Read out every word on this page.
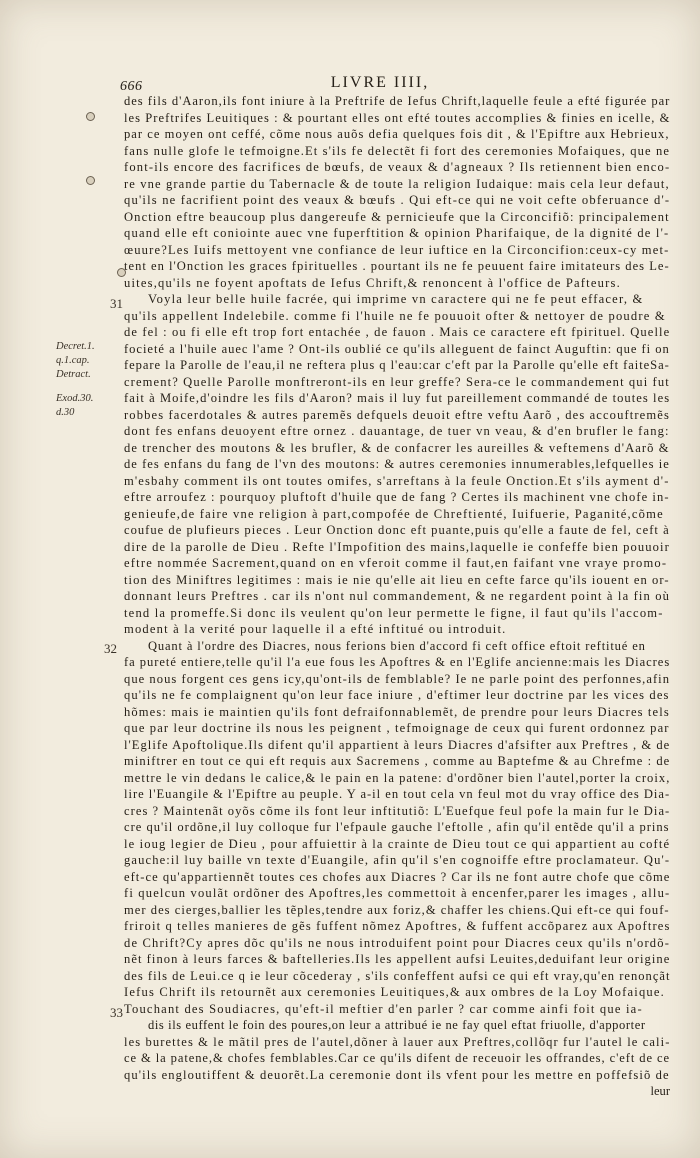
666	LIVRE IIII,
31
32
33
Decret.1. q.1.cap. Detract.
Exod.30. d.30
des fils d'Aaron,ils font iniure à la Preftrife de Iefus Chrift,laquelle feule a efté figurée par
les Preftrifes Leuitiques : & pourtant elles ont efté toutes accomplies & finies en icelle, &
par ce moyen ont ceffé, cõme nous auõs defia quelques fois dit , & l'Epiftre aux Hebrieux,
fans nulle glofe le tefmoigne.Et s'ils fe delectẽt fi fort des ceremonies Mofaiques, que ne
font-ils encore des facrifices de bœufs, de veaux & d'agneaux ? Ils retiennent bien enco-
re vne grande partie du Tabernacle & de toute la religion Iudaique: mais cela leur defaut,
qu'ils ne facrifient point des veaux & bœufs . Qui eft-ce qui ne voit cefte obferuance d'-
Onction eftre beaucoup plus dangereufe & pernicieufe que la Circoncifiõ: principalement
quand elle eft coniointe auec vne fuperftition & opinion Pharifaique, de la dignité de l'-
œuure?Les Iuifs mettoyent vne confiance de leur iuftice en la Circoncifion:ceux-cy met-
tent en l'Onction les graces fpirituelles . pourtant ils ne fe peuuent faire imitateurs des Le-
uites,qu'ils ne foyent apoftats de Iefus Chrift,& renoncent à l'office de Pafteurs.
Voyla leur belle huile facrée, qui imprime vn caractere qui ne fe peut effacer, &
qu'ils appellent Indelebile. comme fi l'huile ne fe pouuoit ofter & nettoyer de poudre &
de fel : ou fi elle eft trop fort entachée , de fauon . Mais ce caractere eft fpirituel. Quelle
focieté a l'huile auec l'ame ? Ont-ils oublié ce qu'ils alleguent de fainct Auguftin: que fi on
fepare la Parolle de l'eau,il ne reftera plus q l'eau:car c'eft par la Parolle qu'elle eft faiteSa-
crement? Quelle Parolle monftreront-ils en leur greffe? Sera-ce le commandement qui fut
fait à Moife,d'oindre les fils d'Aaron? mais il luy fut pareillement commandé de toutes les
robbes facerdotales & autres paremẽs defquels deuoit eftre veftu Aarõ , des accouftremẽs
dont fes enfans deuoyent eftre ornez . dauantage, de tuer vn veau, & d'en brufler le fang:
de trencher des moutons & les brufler, & de confacrer les aureilles & veftemens d'Aarõ &
de fes enfans du fang de l'vn des moutons: & autres ceremonies innumerables,lefquelles ie
m'esbahy comment ils ont toutes omifes, s'arreftans à la feule Onction.Et s'ils ayment d'-
eftre arroufez : pourquoy pluftoft d'huile que de fang ? Certes ils machinent vne chofe in-
genieufe,de faire vne religion à part,compofée de Chreftienté, Iuifuerie, Paganité,cõme
coufue de plufieurs pieces . Leur Onction donc eft puante,puis qu'elle a faute de fel, ceft à
dire de la parolle de Dieu . Refte l'Impofition des mains,laquelle ie confeffe bien pouuoir
eftre nommée Sacrement,quand on en vferoit comme il faut,en faifant vne vraye promo-
tion des Miniftres legitimes : mais ie nie qu'elle ait lieu en cefte farce qu'ils iouent en or-
donnant leurs Preftres . car ils n'ont nul commandement, & ne regardent point à la fin où
tend la promeffe.Si donc ils veulent qu'on leur permette le figne, il faut qu'ils l'accom-
modent à la verité pour laquelle il a efté inftitué ou introduit.
Quant à l'ordre des Diacres, nous ferions bien d'accord fi ceft office eftoit reftitué en
fa pureté entiere,telle qu'il l'a eue fous les Apoftres & en l'Eglife ancienne:mais les Diacres
que nous forgent ces gens icy,qu'ont-ils de femblable? Ie ne parle point des perfonnes,afin
qu'ils ne fe complaignent qu'on leur face iniure , d'eftimer leur doctrine par les vices des
hõmes: mais ie maintien qu'ils font defraifonnablemẽt, de prendre pour leurs Diacres tels
que par leur doctrine ils nous les peignent , tefmoignage de ceux qui furent ordonnez par
l'Eglife Apoftolique.Ils difent qu'il appartient à leurs Diacres d'afsifter aux Preftres , & de
miniftrer en tout ce qui eft requis aux Sacremens , comme au Baptefme & au Chrefme : de
mettre le vin dedans le calice,& le pain en la patene: d'ordõner bien l'autel,porter la croix,
lire l'Euangile & l'Epiftre au peuple. Y a-il en tout cela vn feul mot du vray office des Dia-
cres ? Maintenãt oyõs cõme ils font leur inftitutiõ: L'Euefque feul pofe la main fur le Dia-
cre qu'il ordõne,il luy colloque fur l'efpaule gauche l'eftolle , afin qu'il entẽde qu'il a prins
le ioug legier de Dieu , pour affuiettir à la crainte de Dieu tout ce qui appartient au cofté
gauche:il luy baille vn texte d'Euangile, afin qu'il s'en cognoiffe eftre proclamateur. Qu'-
eft-ce qu'appartiennẽt toutes ces chofes aux Diacres ? Car ils ne font autre chofe que cõme
fi quelcun voulãt ordõner des Apoftres,les commettoit à encenfer,parer les images , allu-
mer des cierges,ballier les tẽples,tendre aux foriz,& chaffer les chiens.Qui eft-ce qui fouf-
friroit q telles manieres de gẽs fuffent nõmez Apoftres, & fuffent accõparez aux Apoftres
de Chrift?Cy apres dõc qu'ils ne nous introduifent point pour Diacres ceux qu'ils n'ordõ-
nẽt finon à leurs farces & baftelleries.Ils les appellent aufsi Leuites,deduifant leur origine
des fils de Leui.ce q ie leur cõcederay , s'ils confeffent aufsi ce qui eft vray,qu'en renonçãt
Iefus Chrift ils retournẽt aux ceremonies Leuitiques,& aux ombres de la Loy Mofaique.
Touchant des Soudiacres, qu'eft-il meftier d'en parler ? car comme ainfi foit que ia-
dis ils euffent le foin des poures,on leur a attribué ie ne fay quel eftat friuolle, d'apporter
les burettes & le mãtil pres de l'autel,dõner à lauer aux Preftres,collõqr fur l'autel le cali-
ce & la patene,& chofes femblables.Car ce qu'ils difent de receuoir les offrandes, c'eft de ce
qu'ils engloutiffent & deuorẽt.La ceremonie dont ils vfent pour les mettre en poffefsiõ de
leur
